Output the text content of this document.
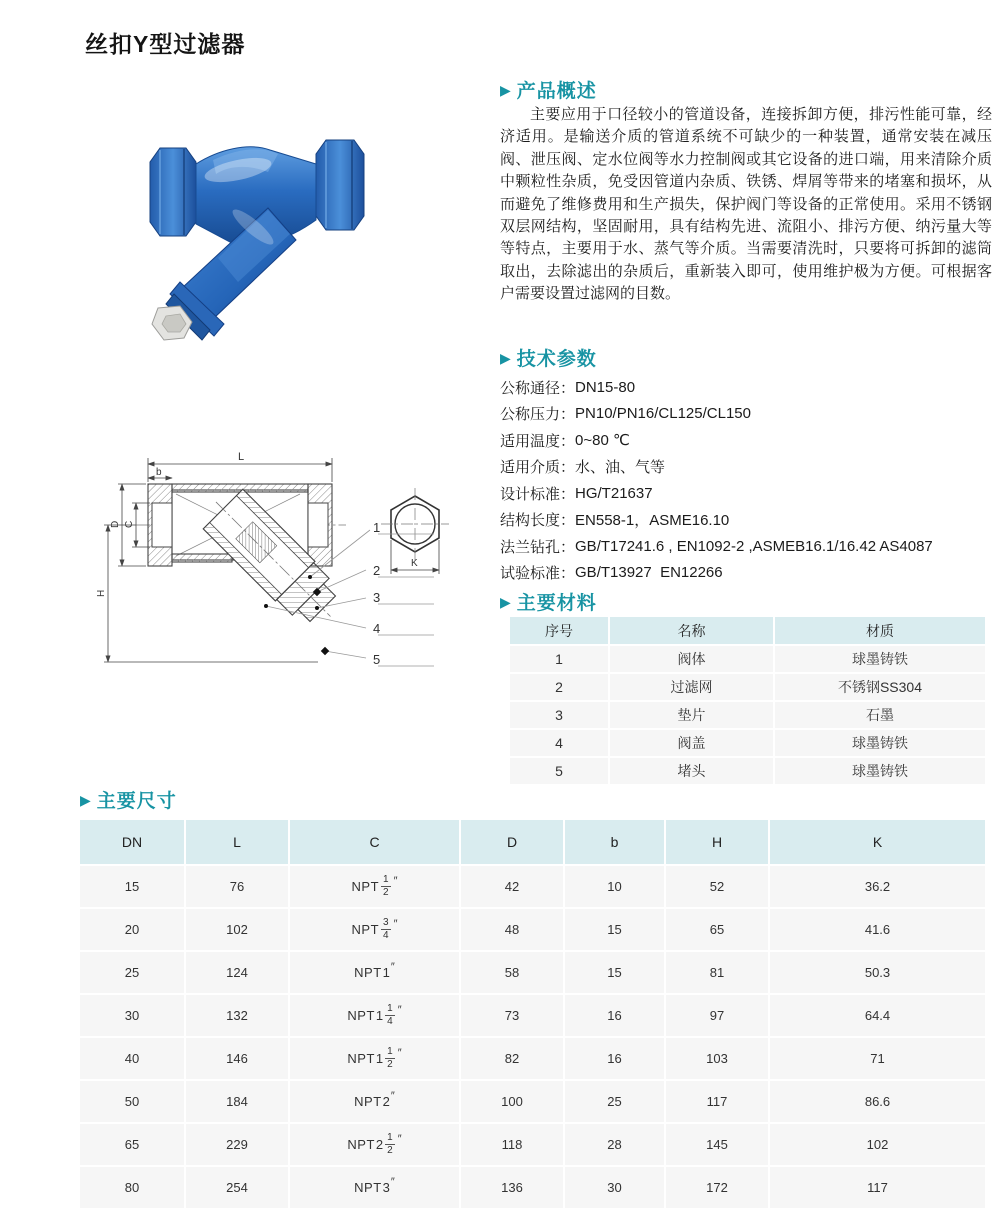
丝扣Y型过滤器
L
b
D C
H
K
1
2
3
4
5
▶ 产品概述
主要应用于口径较小的管道设备，连接拆卸方便，排污性能可靠，经济适用。是输送介质的管道系统不可缺少的一种装置，通常安装在减压阀、泄压阀、定水位阀等水力控制阀或其它设备的进口端，用来清除介质中颗粒性杂质，免受因管道内杂质、铁锈、焊屑等带来的堵塞和损坏，从而避免了维修费用和生产损失，保护阀门等设备的正常使用。采用不锈钢双层网结构，坚固耐用，具有结构先进、流阻小、排污方便、纳污量大等等特点，主要用于水、蒸气等介质。当需要清洗时，只要将可拆卸的滤筒取出，去除滤出的杂质后，重新装入即可，使用维护极为方便。可根据客户需要设置过滤网的目数。
▶ 技术参数
公称通径： DN15-80
公称压力： PN10/PN16/CL125/CL150
适用温度： 0~80 ℃
适用介质： 水、油、气等
设计标准： HG/T21637
结构长度： EN558-1，ASME16.10
法兰钻孔： GB/T17241.6 , EN1092-2 ,ASMEB16.1/16.42 AS4087
试验标准： GB/T13927  EN12266
▶ 主要材料
序号	名称	材质
1	阀体	球墨铸铁
2	过滤网	不锈钢SS304
3	垫片	石墨
4	阀盖	球墨铸铁
5	堵头	球墨铸铁
▶ 主要尺寸
DN	L	C	D	b	H	K
15	76	NPT $\frac{1}{2}$ ″	42	10	52	36.2
20	102	NPT $\frac{3}{4}$ ″	48	15	65	41.6
25	124	NPT 1 ″	58	15	81	50.3
30	132	NPT $1 \frac{1}{4}$ ″	73	16	97	64.4
40	146	NPT $1 \frac{1}{2}$ ″	82	16	103	71
50	184	NPT 2 ″	100	25	117	86.6
65	229	NPT $2 \frac{1}{2}$ ″	118	28	145	102
80	254	NPT 3 ″	136	30	172	117
